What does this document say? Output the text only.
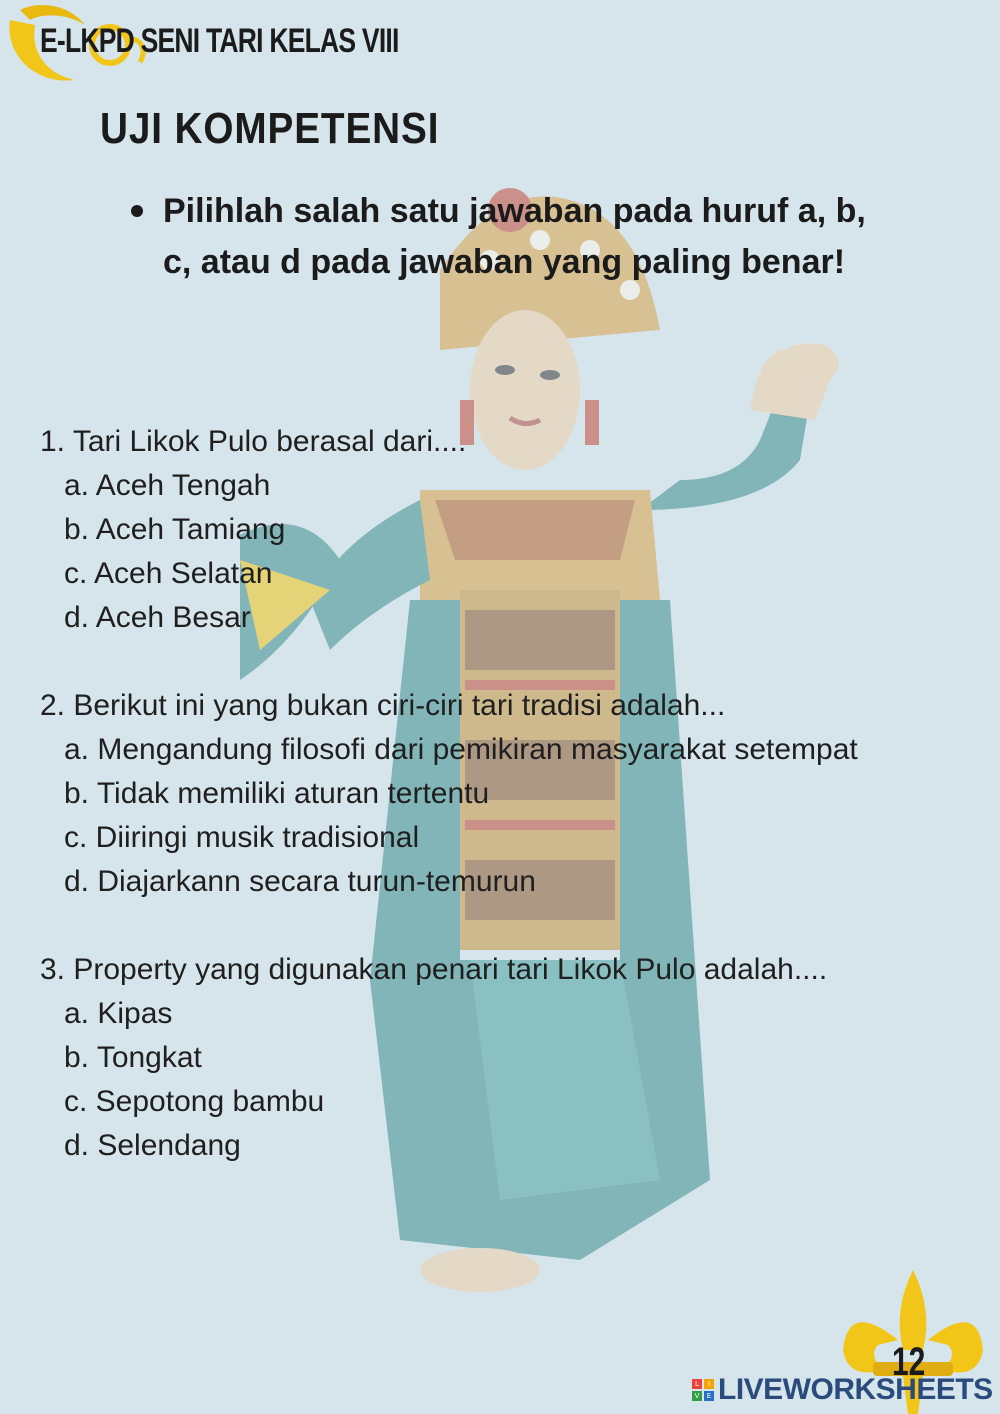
E-LKPD SENI TARI KELAS VIII
UJI KOMPETENSI
Pilihlah salah satu jawaban pada huruf a, b, c, atau d pada jawaban yang paling benar!
1. Tari Likok Pulo berasal dari....
a. Aceh Tengah
b. Aceh Tamiang
c. Aceh Selatan
d. Aceh Besar
2. Berikut ini yang bukan ciri-ciri tari tradisi adalah...
a. Mengandung filosofi dari pemikiran masyarakat setempat
b. Tidak memiliki aturan tertentu
c. Diiringi musik tradisional
d. Diajarkann secara turun-temurun
3. Property yang digunakan penari tari Likok Pulo adalah....
a. Kipas
b. Tongkat
c. Sepotong bambu
d. Selendang
12
L	I
V	E LIVEWORKSHEETS
